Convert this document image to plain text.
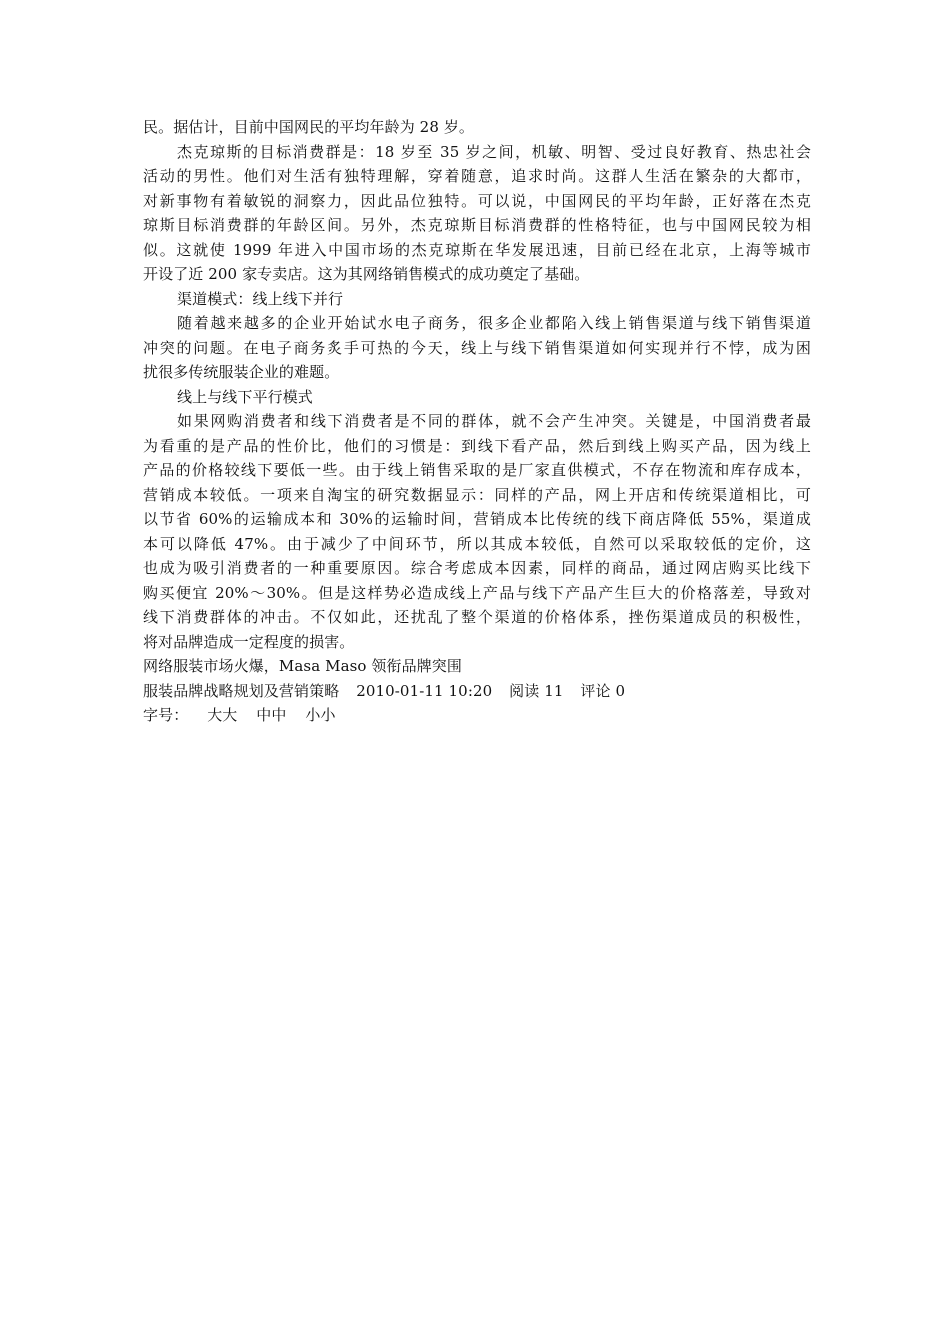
民。据估计，目前中国网民的平均年龄为 28 岁。
杰克琼斯的目标消费群是：18 岁至 35 岁之间，机敏、明智、受过良好教育、热忠社会
活动的男性。他们对生活有独特理解，穿着随意，追求时尚。这群人生活在繁杂的大都市，
对新事物有着敏锐的洞察力，因此品位独特。可以说，中国网民的平均年龄，正好落在杰克
琼斯目标消费群的年龄区间。另外，杰克琼斯目标消费群的性格特征，也与中国网民较为相
似。这就使 1999 年进入中国市场的杰克琼斯在华发展迅速，目前已经在北京，上海等城市
开设了近 200 家专卖店。这为其网络销售模式的成功奠定了基础。
渠道模式：线上线下并行
随着越来越多的企业开始试水电子商务，很多企业都陷入线上销售渠道与线下销售渠道
冲突的问题。在电子商务炙手可热的今天，线上与线下销售渠道如何实现并行不悖，成为困
扰很多传统服装企业的难题。
线上与线下平行模式
如果网购消费者和线下消费者是不同的群体，就不会产生冲突。关键是，中国消费者最
为看重的是产品的性价比，他们的习惯是：到线下看产品，然后到线上购买产品，因为线上
产品的价格较线下要低一些。由于线上销售采取的是厂家直供模式，不存在物流和库存成本，
营销成本较低。一项来自淘宝的研究数据显示：同样的产品，网上开店和传统渠道相比，可
以节省 60%的运输成本和 30%的运输时间，营销成本比传统的线下商店降低 55%，渠道成
本可以降低 47%。由于减少了中间环节，所以其成本较低，自然可以采取较低的定价，这
也成为吸引消费者的一种重要原因。综合考虑成本因素，同样的商品，通过网店购买比线下
购买便宜 20%～30%。但是这样势必造成线上产品与线下产品产生巨大的价格落差，导致对
线下消费群体的冲击。不仅如此，还扰乱了整个渠道的价格体系，挫伤渠道成员的积极性，
将对品牌造成一定程度的损害。
网络服装市场火爆，Masa Maso 领衔品牌突围
服装品牌战略规划及营销策略 2010-01-11 10:20 阅读 11 评论 0
字号： 大大 中中 小小
